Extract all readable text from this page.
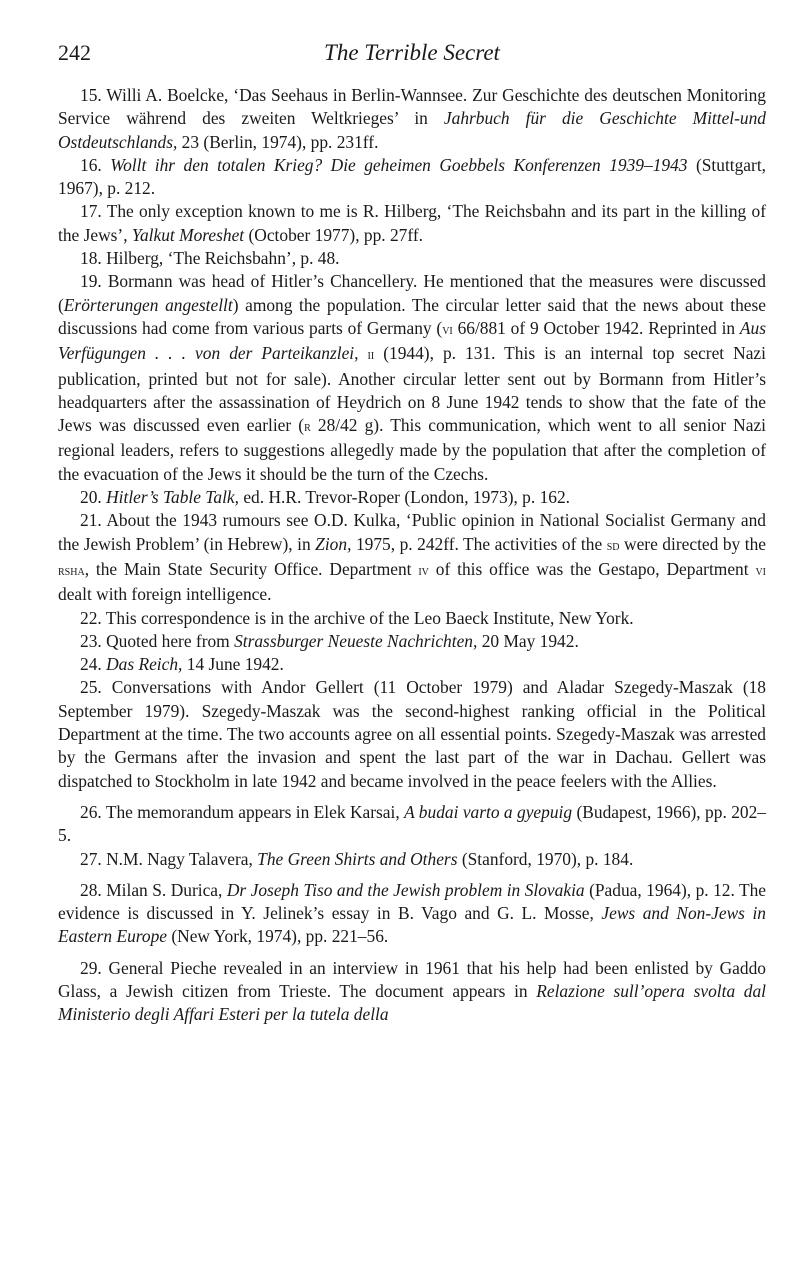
242	The Terrible Secret

15. Willi A. Boelcke, ‘Das Seehaus in Berlin-Wannsee. Zur Geschichte des deutschen Monitoring Service während des zweiten Weltkrieges’ in Jahrbuch für die Geschichte Mittel-und Ostdeutschlands, 23 (Berlin, 1974), pp. 231ff.

16. Wollt ihr den totalen Krieg? Die geheimen Goebbels Konferenzen 1939–1943 (Stuttgart, 1967), p. 212.

17. The only exception known to me is R. Hilberg, ‘The Reichsbahn and its part in the killing of the Jews’, Yalkut Moreshet (October 1977), pp. 27ff.

18. Hilberg, ‘The Reichsbahn’, p. 48.

19. Bormann was head of Hitler’s Chancellery. He mentioned that the measures were discussed (Erörterungen angestellt) among the population. The circular letter said that the news about these discussions had come from various parts of Germany (vi 66/881 of 9 October 1942. Reprinted in Aus Verfügungen . . . von der Parteikanzlei, ii (1944), p. 131. This is an internal top secret Nazi publication, printed but not for sale). Another circular letter sent out by Bormann from Hitler’s headquarters after the assassination of Heydrich on 8 June 1942 tends to show that the fate of the Jews was discussed even earlier (r 28/42 g). This communication, which went to all senior Nazi regional leaders, refers to suggestions allegedly made by the population that after the completion of the evacuation of the Jews it should be the turn of the Czechs.

20. Hitler’s Table Talk, ed. H.R. Trevor-Roper (London, 1973), p. 162.

21. About the 1943 rumours see O.D. Kulka, ‘Public opinion in National Socialist Germany and the Jewish Problem’ (in Hebrew), in Zion, 1975, p. 242ff. The activities of the sd were directed by the rsha, the Main State Security Office. Department iv of this office was the Gestapo, Department vi dealt with foreign intelligence.

22. This correspondence is in the archive of the Leo Baeck Institute, New York.

23. Quoted here from Strassburger Neueste Nachrichten, 20 May 1942.

24. Das Reich, 14 June 1942.

25. Conversations with Andor Gellert (11 October 1979) and Aladar Szegedy-Maszak (18 September 1979). Szegedy-Maszak was the second-highest ranking official in the Political Department at the time. The two accounts agree on all essential points. Szegedy-Maszak was arrested by the Germans after the invasion and spent the last part of the war in Dachau. Gellert was dispatched to Stockholm in late 1942 and became involved in the peace feelers with the Allies.

26. The memorandum appears in Elek Karsai, A budai varto a gyepuig (Budapest, 1966), pp. 202–5.

27. N.M. Nagy Talavera, The Green Shirts and Others (Stanford, 1970), p. 184.

28. Milan S. Durica, Dr Joseph Tiso and the Jewish problem in Slovakia (Padua, 1964), p. 12. The evidence is discussed in Y. Jelinek’s essay in B. Vago and G. L. Mosse, Jews and Non-Jews in Eastern Europe (New York, 1974), pp. 221–56.

29. General Pieche revealed in an interview in 1961 that his help had been enlisted by Gaddo Glass, a Jewish citizen from Trieste. The document appears in Relazione sull’opera svolta dal Ministerio degli Affari Esteri per la tutela della
